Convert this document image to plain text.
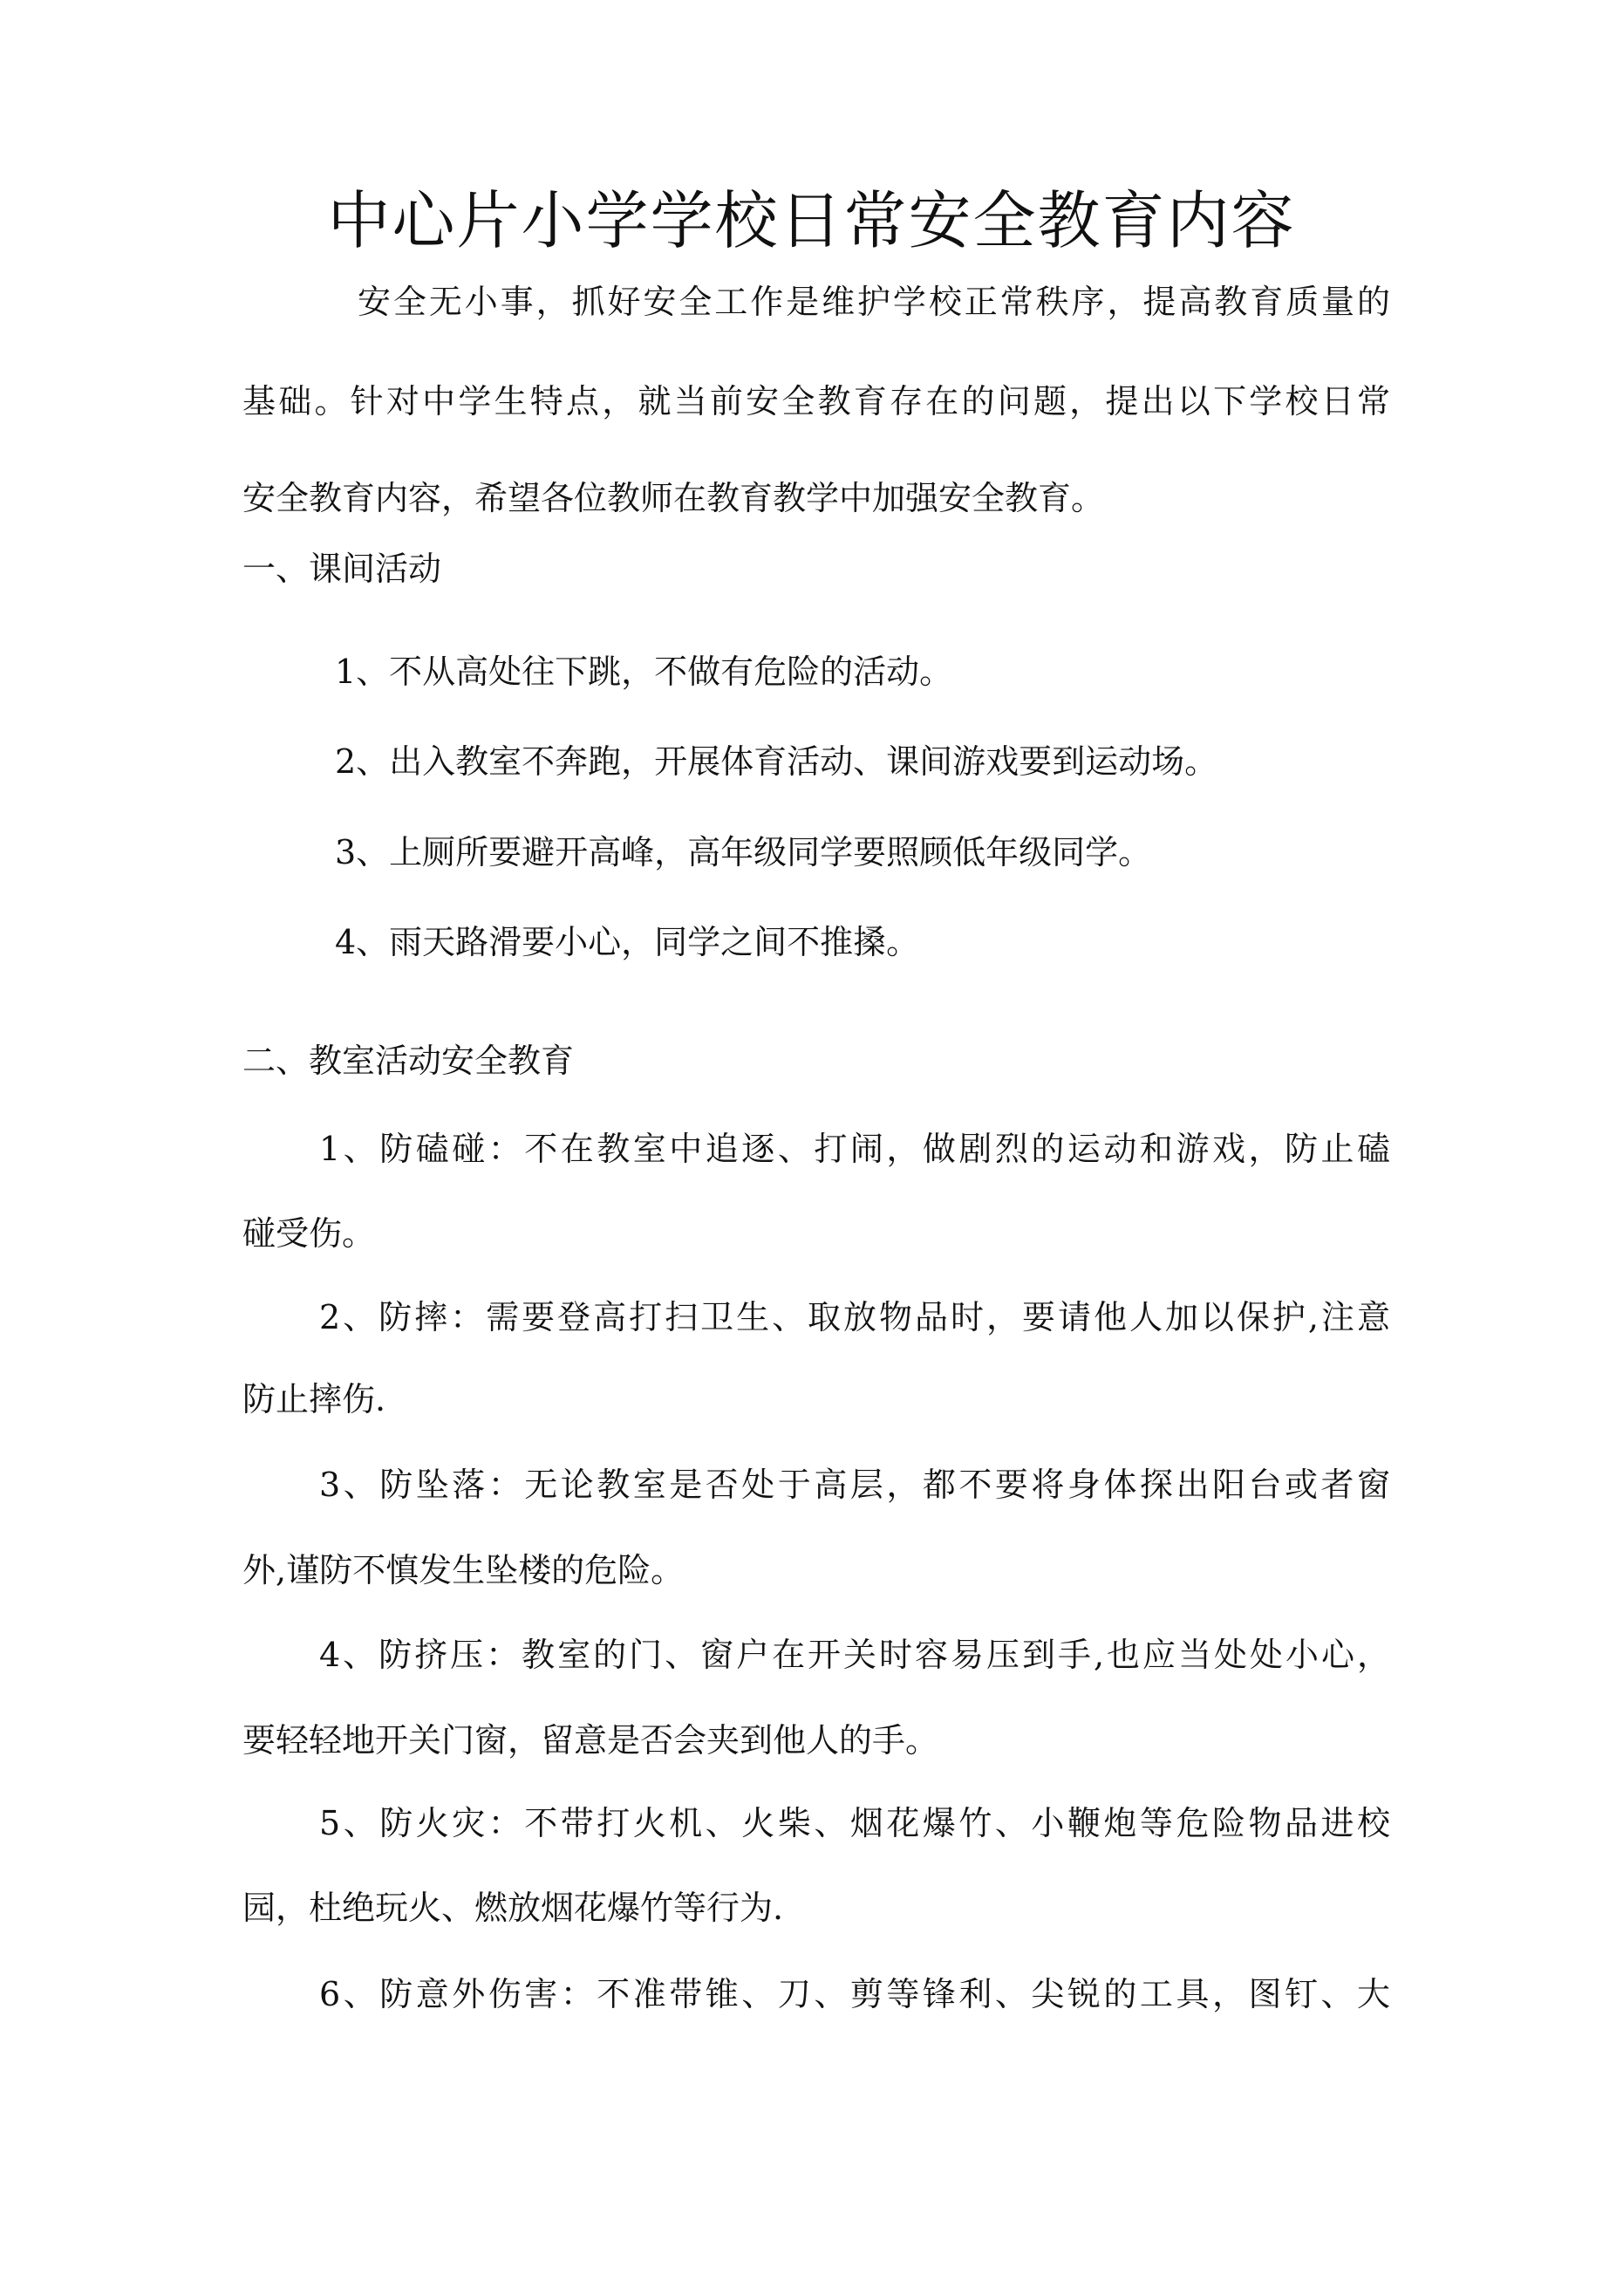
中心片小学学校日常安全教育内容
安全无小事，抓好安全工作是维护学校正常秩序，提高教育质量的
基础。针对中学生特点，就当前安全教育存在的问题，提出以下学校日常
安全教育内容，希望各位教师在教育教学中加强安全教育。
一、课间活动
1、不从高处往下跳，不做有危险的活动。
2、出入教室不奔跑，开展体育活动、课间游戏要到运动场。
3、上厕所要避开高峰，高年级同学要照顾低年级同学。
4、雨天路滑要小心，同学之间不推搡。
二、教室活动安全教育
1、防磕碰：不在教室中追逐、打闹，做剧烈的运动和游戏，防止磕
碰受伤。
2、防摔：需要登高打扫卫生、取放物品时，要请他人加以保护,注意
防止摔伤.
3、防坠落：无论教室是否处于高层，都不要将身体探出阳台或者窗
外,谨防不慎发生坠楼的危险。
4、防挤压：教室的门、窗户在开关时容易压到手,也应当处处小心，
要轻轻地开关门窗，留意是否会夹到他人的手。
5、防火灾：不带打火机、火柴、烟花爆竹、小鞭炮等危险物品进校
园，杜绝玩火、燃放烟花爆竹等行为.
6、防意外伤害：不准带锥、刀、剪等锋利、尖锐的工具，图钉、大
